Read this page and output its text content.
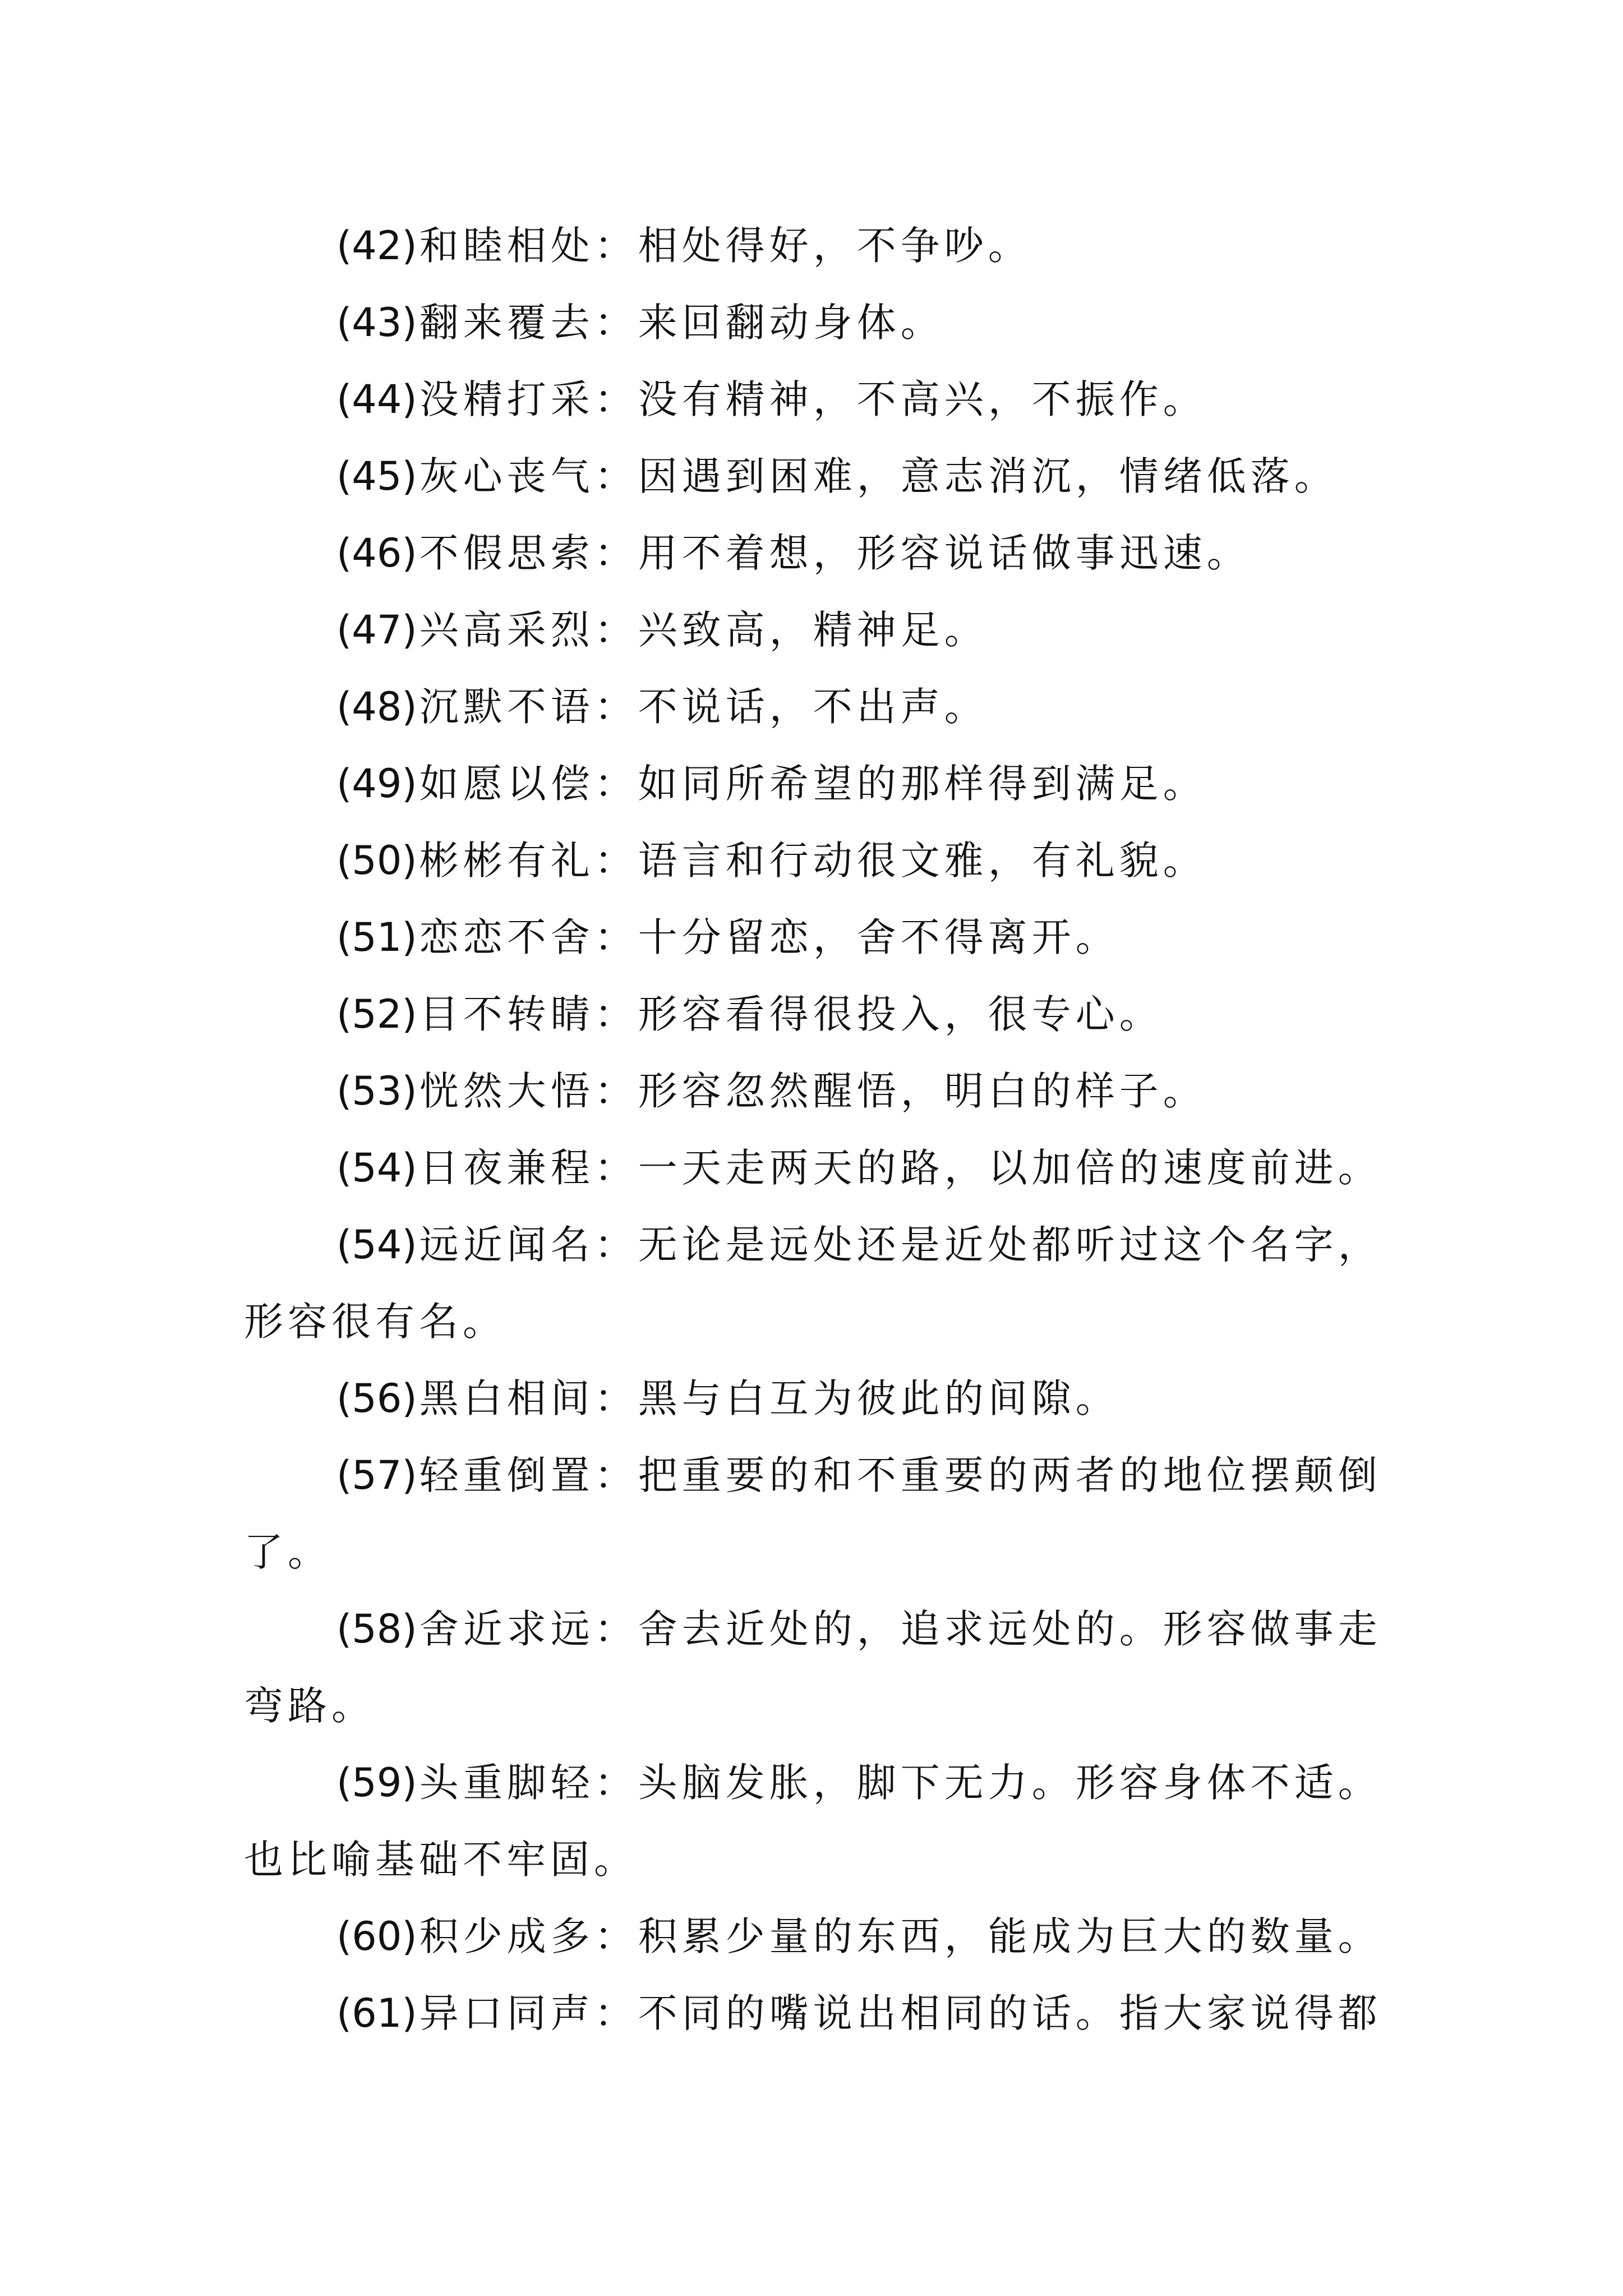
(42)和睦相处：相处得好，不争吵。

(43)翻来覆去：来回翻动身体。

(44)没精打采：没有精神，不高兴，不振作。

(45)灰心丧气：因遇到困难，意志消沉，情绪低落。

(46)不假思索：用不着想，形容说话做事迅速。

(47)兴高采烈：兴致高，精神足。

(48)沉默不语：不说话，不出声。

(49)如愿以偿：如同所希望的那样得到满足。

(50)彬彬有礼：语言和行动很文雅，有礼貌。

(51)恋恋不舍：十分留恋，舍不得离开。

(52)目不转睛：形容看得很投入，很专心。

(53)恍然大悟：形容忽然醒悟，明白的样子。

(54)日夜兼程：一天走两天的路，以加倍的速度前进。

(54)远近闻名：无论是远处还是近处都听过这个名字，形容很有名。

(56)黑白相间：黑与白互为彼此的间隙。

(57)轻重倒置：把重要的和不重要的两者的地位摆颠倒了。

(58)舍近求远：舍去近处的，追求远处的。形容做事走弯路。

(59)头重脚轻：头脑发胀，脚下无力。形容身体不适。也比喻基础不牢固。

(60)积少成多：积累少量的东西，能成为巨大的数量。

(61)异口同声：不同的嘴说出相同的话。指大家说得都
